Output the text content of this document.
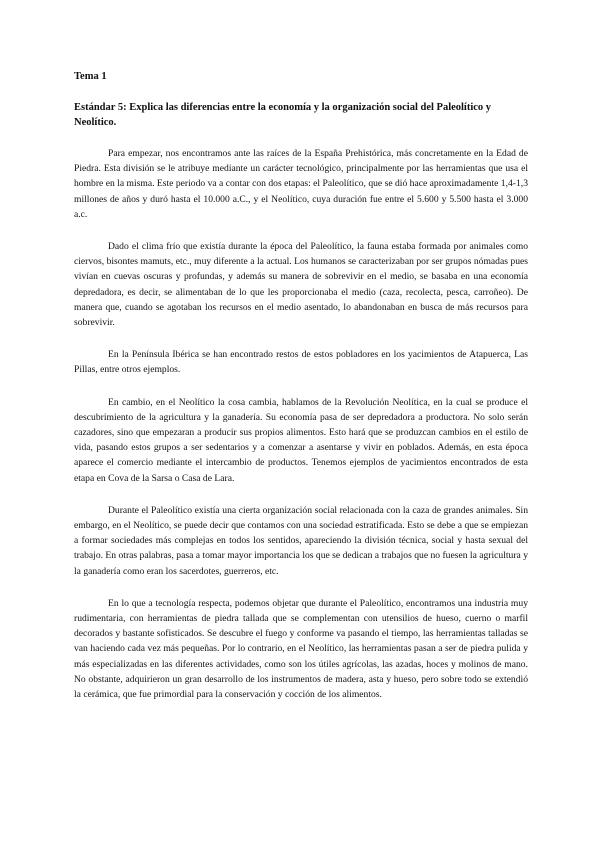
Tema 1
Estándar 5: Explica las diferencias entre la economía y la organización social del Paleolítico y Neolítico.

Para empezar, nos encontramos ante las raíces de la España Prehistórica, más concretamente en la Edad de Piedra. Esta división se le atribuye mediante un carácter tecnológico, principalmente por las herramientas que usa el hombre en la misma. Este periodo va a contar con dos etapas: el Paleolítico, que se dió hace aproximadamente 1,4-1,3 millones de años y duró hasta el 10.000 a.C., y el Neolítico, cuya duración fue entre el 5.600 y 5.500 hasta el 3.000 a.c.

Dado el clima frío que existía durante la época del Paleolítico, la fauna estaba formada por animales como ciervos, bisontes mamuts, etc., muy diferente a la actual. Los humanos se caracterizaban por ser grupos nómadas pues vivían en cuevas oscuras y profundas, y además su manera de sobrevivir en el medio, se basaba en una economía depredadora, es decir, se alimentaban de lo que les proporcionaba el medio (caza, recolecta, pesca, carroñeo). De manera que, cuando se agotaban los recursos en el medio asentado, lo abandonaban en busca de más recursos para sobrevivir.

En la Península Ibérica se han encontrado restos de estos pobladores en los yacimientos de Atapuerca, Las Pillas, entre otros ejemplos.

En cambio, en el Neolítico la cosa cambia, hablamos de la Revolución Neolítica, en la cual se produce el descubrimiento de la agricultura y la ganadería. Su economía pasa de ser depredadora a productora. No solo serán cazadores, sino que empezaran a producir sus propios alimentos. Esto hará que se produzcan cambios en el estilo de vida, pasando estos grupos a ser sedentarios y a comenzar a asentarse y vivir en poblados. Además, en esta época aparece el comercio mediante el intercambio de productos. Tenemos ejemplos de yacimientos encontrados de esta etapa en Cova de la Sarsa o Casa de Lara.

Durante el Paleolítico existía una cierta organización social relacionada con la caza de grandes animales. Sin embargo, en el Neolítico, se puede decir que contamos con una sociedad estratificada. Esto se debe a que se empiezan a formar sociedades más complejas en todos los sentidos, apareciendo la división técnica, social y hasta sexual del trabajo. En otras palabras, pasa a tomar mayor importancia los que se dedican a trabajos que no fuesen la agricultura y la ganadería como eran los sacerdotes, guerreros, etc.

En lo que a tecnología respecta, podemos objetar que durante el Paleolítico, encontramos una industria muy rudimentaria, con herramientas de piedra tallada que se complementan con utensilios de hueso, cuerno o marfil decorados y bastante sofisticados. Se descubre el fuego y conforme va pasando el tiempo, las herramientas talladas se van haciendo cada vez más pequeñas. Por lo contrario, en el Neolítico, las herramientas pasan a ser de piedra pulida y más especializadas en las diferentes actividades, como son los útiles agrícolas, las azadas, hoces y molinos de mano. No obstante, adquirieron un gran desarrollo de los instrumentos de madera, asta y hueso, pero sobre todo se extendió la cerámica, que fue primordial para la conservación y cocción de los alimentos.
